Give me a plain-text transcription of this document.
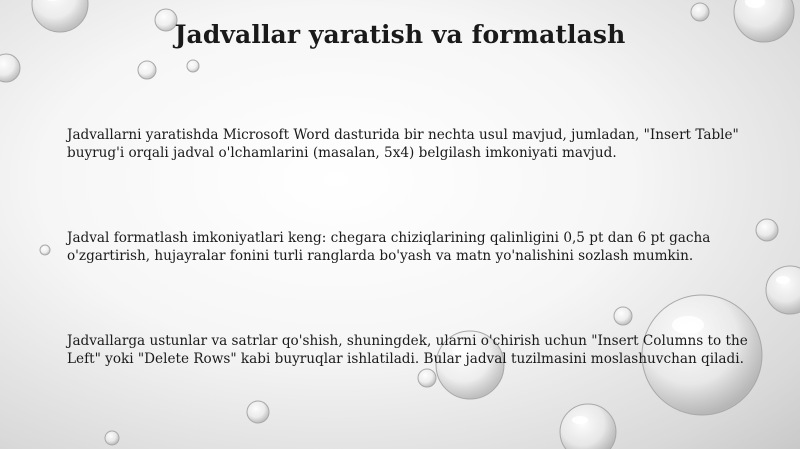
Jadvallar yaratish va formatlash
Jadvallarni yaratishda Microsoft Word dasturida bir nechta usul mavjud, jumladan, "Insert Table" buyrug'i orqali jadval o'lchamlarini (masalan, 5x4) belgilash imkoniyati mavjud.
Jadval formatlash imkoniyatlari keng: chegara chiziqlarining qalinligini 0,5 pt dan 6 pt gacha o'zgartirish, hujayralar fonini turli ranglarda bo'yash va matn yo'nalishini sozlash mumkin.
Jadvallarga ustunlar va satrlar qo'shish, shuningdek, ularni o'chirish uchun "Insert Columns to the Left" yoki "Delete Rows" kabi buyruqlar ishlatiladi. Bular jadval tuzilmasini moslashuvchan qiladi.
